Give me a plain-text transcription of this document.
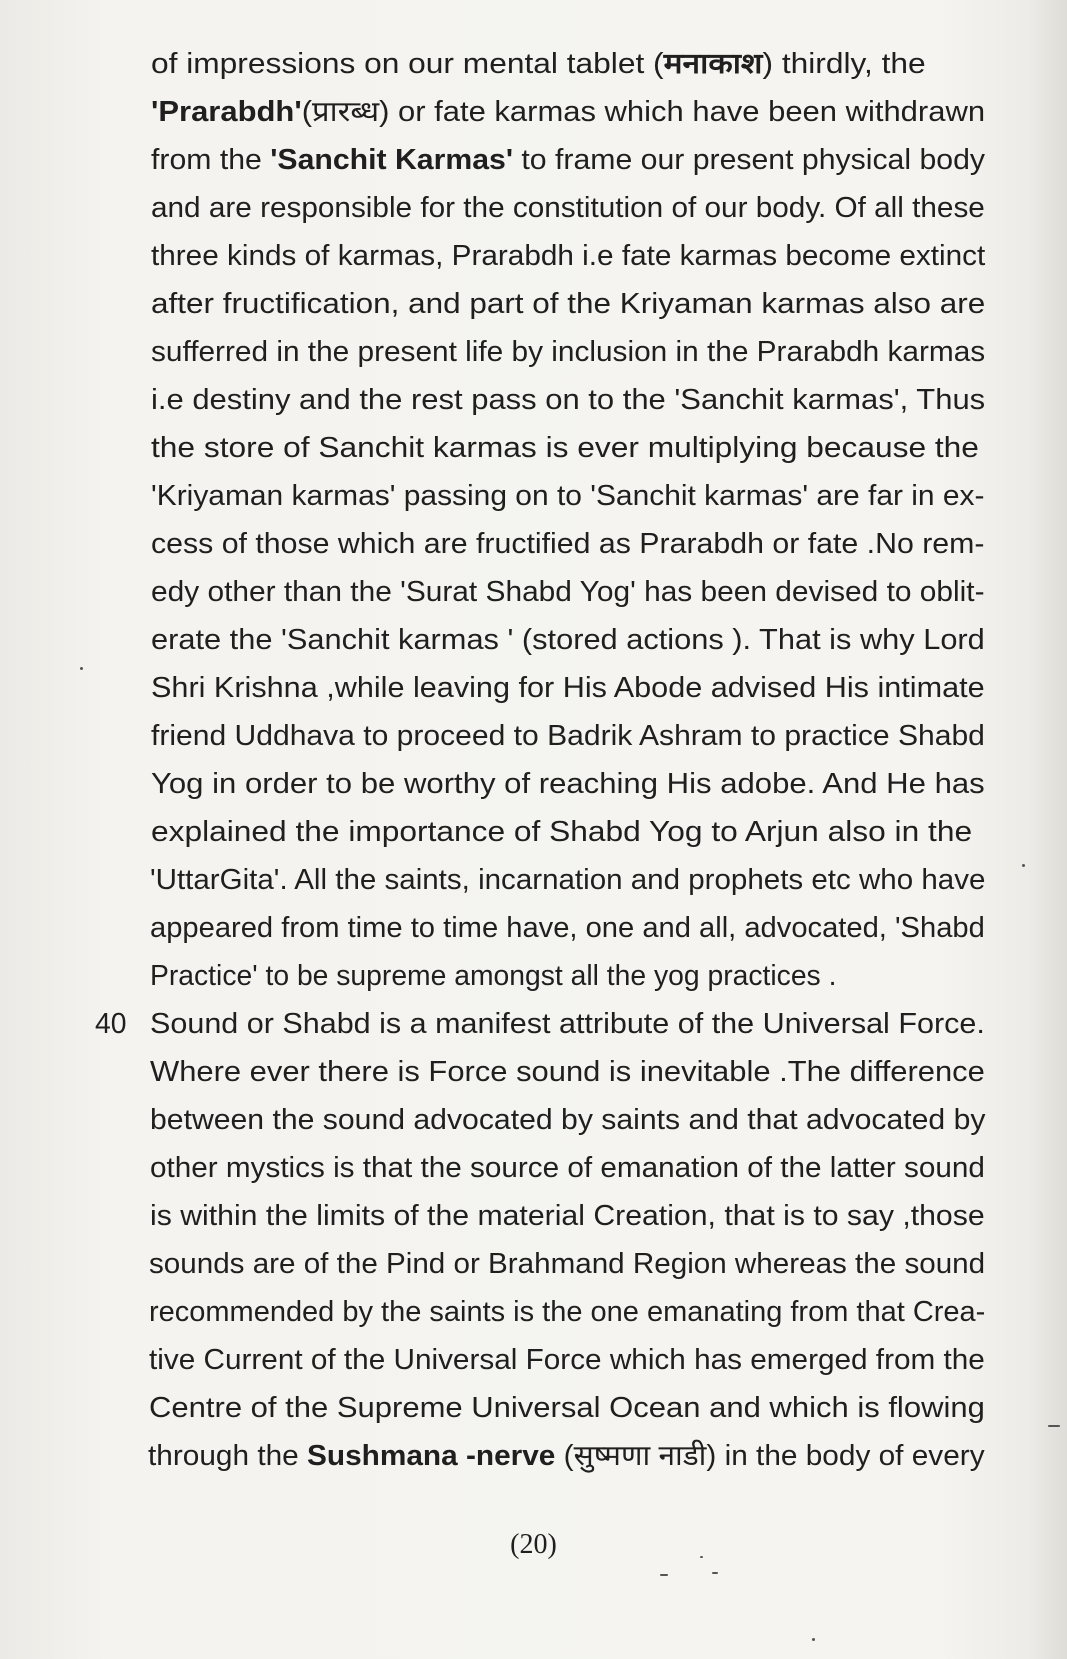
of impressions on our mental tablet (मनाकाश) thirdly, the
'Prarabdh'(प्रारब्ध) or fate karmas which have been withdrawn
from the 'Sanchit Karmas' to frame our present physical body
and are responsible for the constitution of our body. Of all these
three kinds of karmas, Prarabdh i.e fate karmas become extinct
after fructification, and part of the Kriyaman karmas also are
sufferred in the present life by inclusion in the Prarabdh karmas
i.e destiny and the rest pass on to the 'Sanchit karmas', Thus
the store of Sanchit karmas is ever multiplying because the
'Kriyaman karmas' passing on to 'Sanchit karmas' are far in ex-
cess of those which are fructified as Prarabdh or fate .No rem-
edy other than the 'Surat Shabd Yog' has been devised to oblit-
erate the 'Sanchit karmas ' (stored actions ). That is why Lord
Shri Krishna ,while leaving for His Abode advised His intimate
friend Uddhava to proceed to Badrik Ashram to practice Shabd
Yog in order to be worthy of reaching His adobe. And He has
explained the importance of Shabd Yog to Arjun also in the
'UttarGita'. All the saints, incarnation and prophets etc who have
appeared from time to time have, one and all, advocated, 'Shabd
Practice' to be supreme amongst all the yog practices .
40 Sound or Shabd is a manifest attribute of the Universal Force.
Where ever there is Force sound is inevitable .The difference
between the sound advocated by saints and that advocated by
other mystics is that the source of emanation of the latter sound
is within the limits of the material Creation, that is to say ,those
sounds are of the Pind or Brahmand Region whereas the sound
recommended by the saints is the one emanating from that Crea-
tive Current of the Universal Force which has emerged from the
Centre of the Supreme Universal Ocean and which is flowing
through the Sushmana -nerve (सुष्मणा नाडी) in the body of every
(20)
